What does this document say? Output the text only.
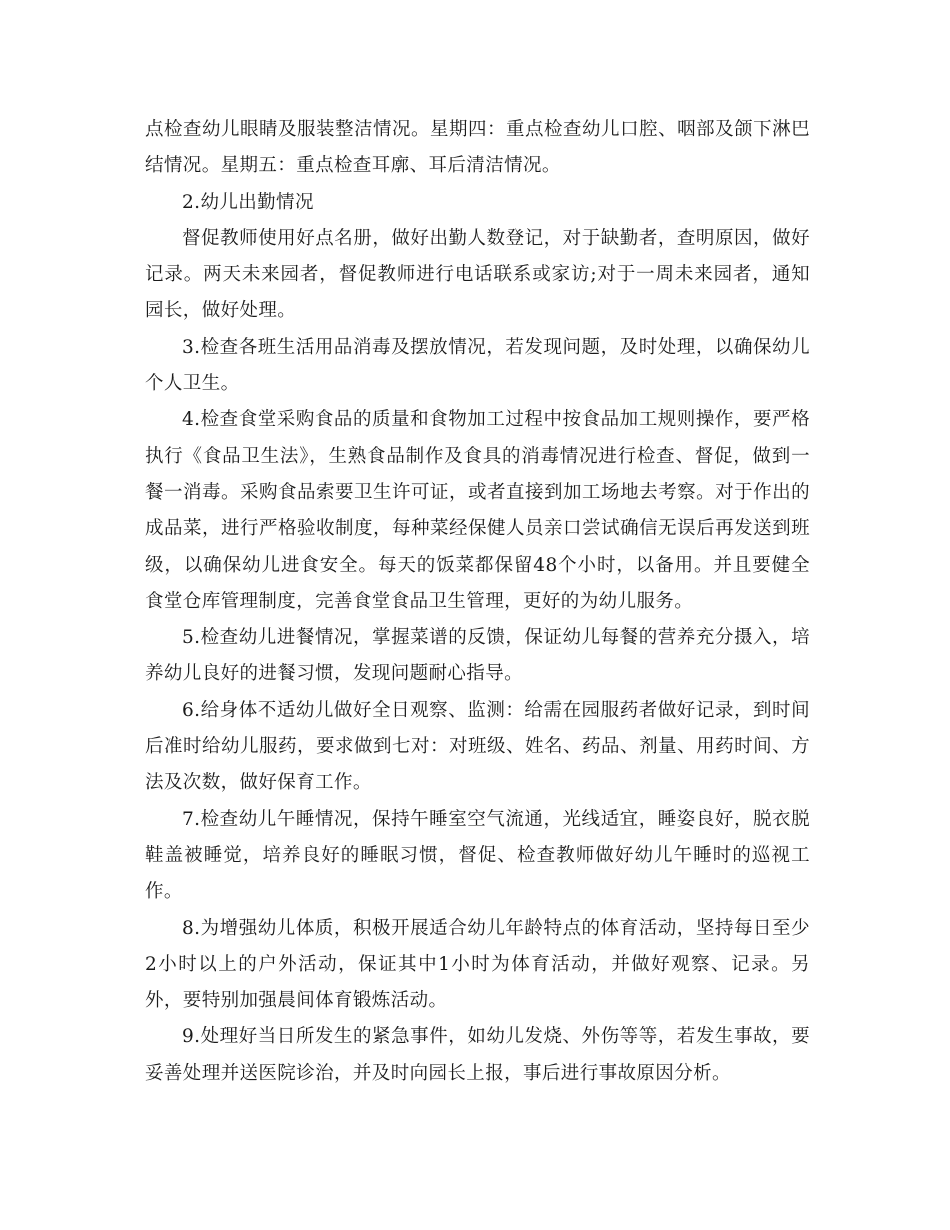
点检查幼儿眼睛及服装整洁情况。星期四：重点检查幼儿口腔、咽部及颌下淋巴结情况。星期五：重点检查耳廓、耳后清洁情况。

2.幼儿出勤情况

督促教师使用好点名册，做好出勤人数登记，对于缺勤者，查明原因，做好记录。两天未来园者，督促教师进行电话联系或家访;对于一周未来园者，通知园长，做好处理。

3.检查各班生活用品消毒及摆放情况，若发现问题，及时处理，以确保幼儿个人卫生。

4.检查食堂采购食品的质量和食物加工过程中按食品加工规则操作，要严格执行《食品卫生法》，生熟食品制作及食具的消毒情况进行检查、督促，做到一餐一消毒。采购食品索要卫生许可证，或者直接到加工场地去考察。对于作出的成品菜，进行严格验收制度，每种菜经保健人员亲口尝试确信无误后再发送到班级，以确保幼儿进食安全。每天的饭菜都保留48个小时，以备用。并且要健全食堂仓库管理制度，完善食堂食品卫生管理，更好的为幼儿服务。

5.检查幼儿进餐情况，掌握菜谱的反馈，保证幼儿每餐的营养充分摄入，培养幼儿良好的进餐习惯，发现问题耐心指导。

6.给身体不适幼儿做好全日观察、监测：给需在园服药者做好记录，到时间后准时给幼儿服药，要求做到七对：对班级、姓名、药品、剂量、用药时间、方法及次数，做好保育工作。

7.检查幼儿午睡情况，保持午睡室空气流通，光线适宜，睡姿良好，脱衣脱鞋盖被睡觉，培养良好的睡眠习惯，督促、检查教师做好幼儿午睡时的巡视工作。

8.为增强幼儿体质，积极开展适合幼儿年龄特点的体育活动，坚持每日至少2小时以上的户外活动，保证其中1小时为体育活动，并做好观察、记录。另外，要特别加强晨间体育锻炼活动。

9.处理好当日所发生的紧急事件，如幼儿发烧、外伤等等，若发生事故，要妥善处理并送医院诊治，并及时向园长上报，事后进行事故原因分析。
